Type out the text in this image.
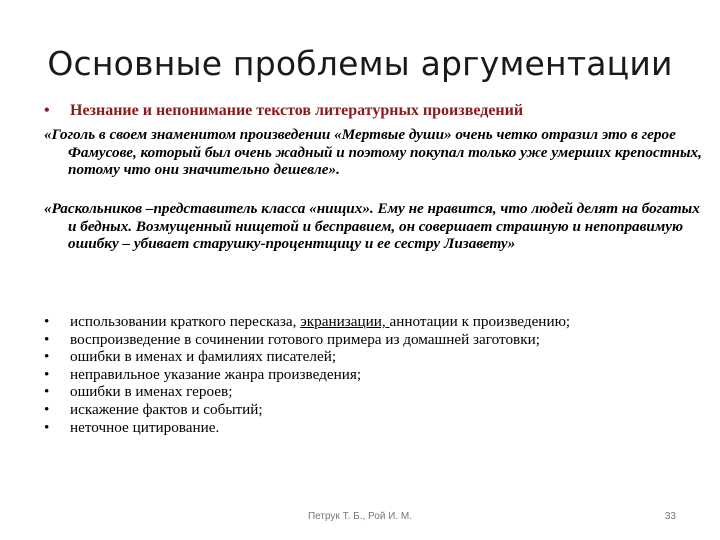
Основные проблемы аргументации
• Незнание и непонимание текстов литературных произведений
«Гоголь в своем знаменитом произведении «Мертвые души» очень четко отразил это в герое Фамусове, который был очень жадный и поэтому покупал только уже умерших крепостных, потому что они значительно дешевле».
«Раскольников –представитель класса «нищих». Ему не нравится, что людей делят на богатых и бедных. Возмущенный нищетой и бесправием, он совершает страшную и непоправимую ошибку – убивает старушку-процентщицу и ее сестру Лизавету»
•	использовании краткого пересказа, экранизации, аннотации к произведению;
•	воспроизведение в сочинении готового примера из домашней заготовки;
•	ошибки в именах и фамилиях писателей;
•	неправильное указание жанра произведения;
•	ошибки в именах героев;
•	искажение фактов и событий;
•	неточное цитирование.
Петрук Т. Б., Рой И. М.	33
